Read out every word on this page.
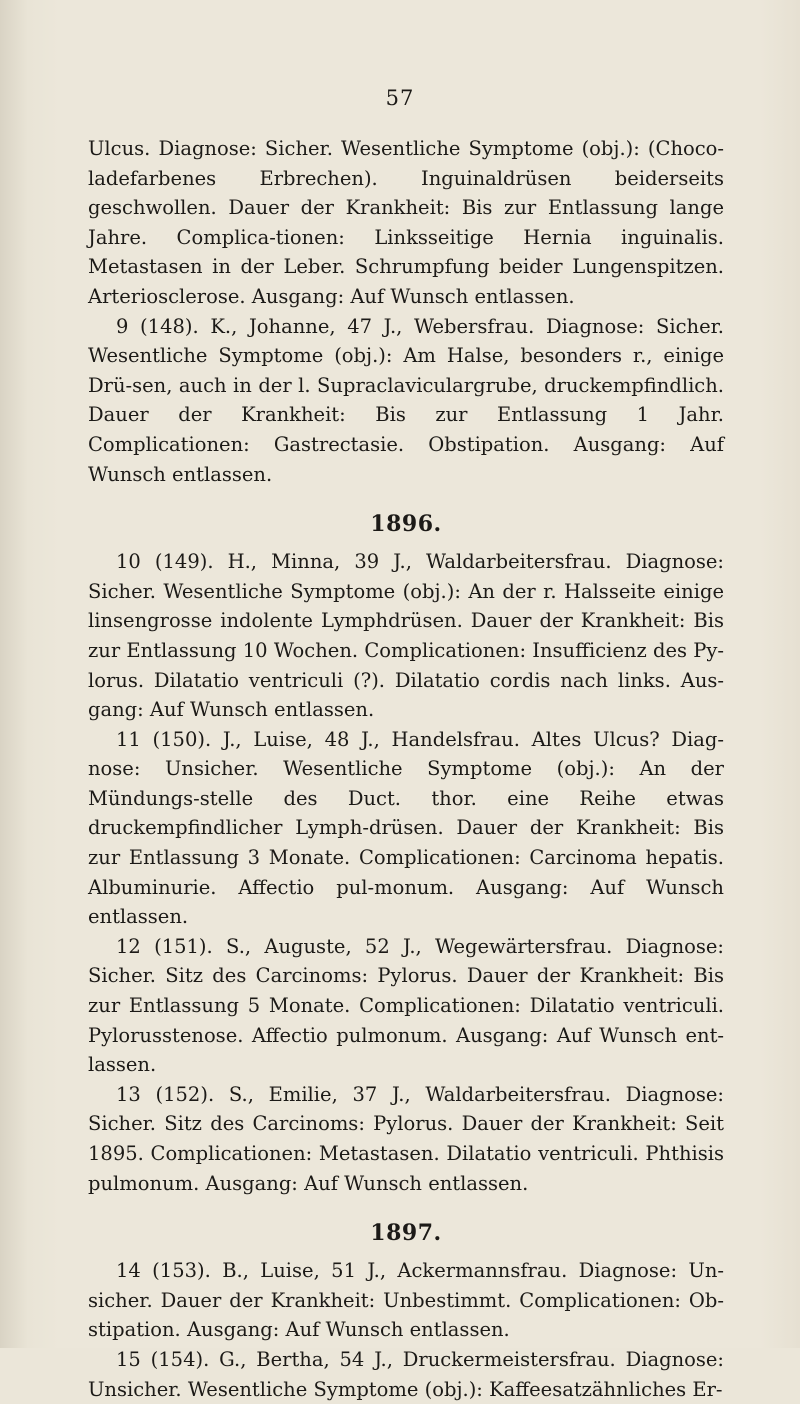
57

Ulcus. Diagnose: Sicher. Wesentliche Symptome (obj.): (Choco-ladefarbenes Erbrechen). Inguinaldrüsen beiderseits geschwollen. Dauer der Krankheit: Bis zur Entlassung lange Jahre. Complica-tionen: Linksseitige Hernia inguinalis. Metastasen in der Leber. Schrumpfung beider Lungenspitzen. Arteriosclerose. Ausgang: Auf Wunsch entlassen.

9 (148). K., Johanne, 47 J., Webersfrau. Diagnose: Sicher. Wesentliche Symptome (obj.): Am Halse, besonders r., einige Drü-sen, auch in der l. Supraclaviculargrube, druckempfindlich. Dauer der Krankheit: Bis zur Entlassung 1 Jahr. Complicationen: Gastrectasie. Obstipation. Ausgang: Auf Wunsch entlassen.

1896.

10 (149). H., Minna, 39 J., Waldarbeitersfrau. Diagnose: Sicher. Wesentliche Symptome (obj.): An der r. Halsseite einige linsengrosse indolente Lymphdrüsen. Dauer der Krankheit: Bis zur Entlassung 10 Wochen. Complicationen: Insufficienz des Py-lorus. Dilatatio ventriculi (?). Dilatatio cordis nach links. Aus-gang: Auf Wunsch entlassen.

11 (150). J., Luise, 48 J., Handelsfrau. Altes Ulcus? Diag-nose: Unsicher. Wesentliche Symptome (obj.): An der Mündungs-stelle des Duct. thor. eine Reihe etwas druckempfindlicher Lymph-drüsen. Dauer der Krankheit: Bis zur Entlassung 3 Monate. Complicationen: Carcinoma hepatis. Albuminurie. Affectio pul-monum. Ausgang: Auf Wunsch entlassen.

12 (151). S., Auguste, 52 J., Wegewärtersfrau. Diagnose: Sicher. Sitz des Carcinoms: Pylorus. Dauer der Krankheit: Bis zur Entlassung 5 Monate. Complicationen: Dilatatio ventriculi. Pylorusstenose. Affectio pulmonum. Ausgang: Auf Wunsch ent-lassen.

13 (152). S., Emilie, 37 J., Waldarbeitersfrau. Diagnose: Sicher. Sitz des Carcinoms: Pylorus. Dauer der Krankheit: Seit 1895. Complicationen: Metastasen. Dilatatio ventriculi. Phthisis pulmonum. Ausgang: Auf Wunsch entlassen.

1897.

14 (153). B., Luise, 51 J., Ackermannsfrau. Diagnose: Un-sicher. Dauer der Krankheit: Unbestimmt. Complicationen: Ob-stipation. Ausgang: Auf Wunsch entlassen.

15 (154). G., Bertha, 54 J., Druckermeistersfrau. Diagnose: Unsicher. Wesentliche Symptome (obj.): Kaffeesatzähnliches Er-
